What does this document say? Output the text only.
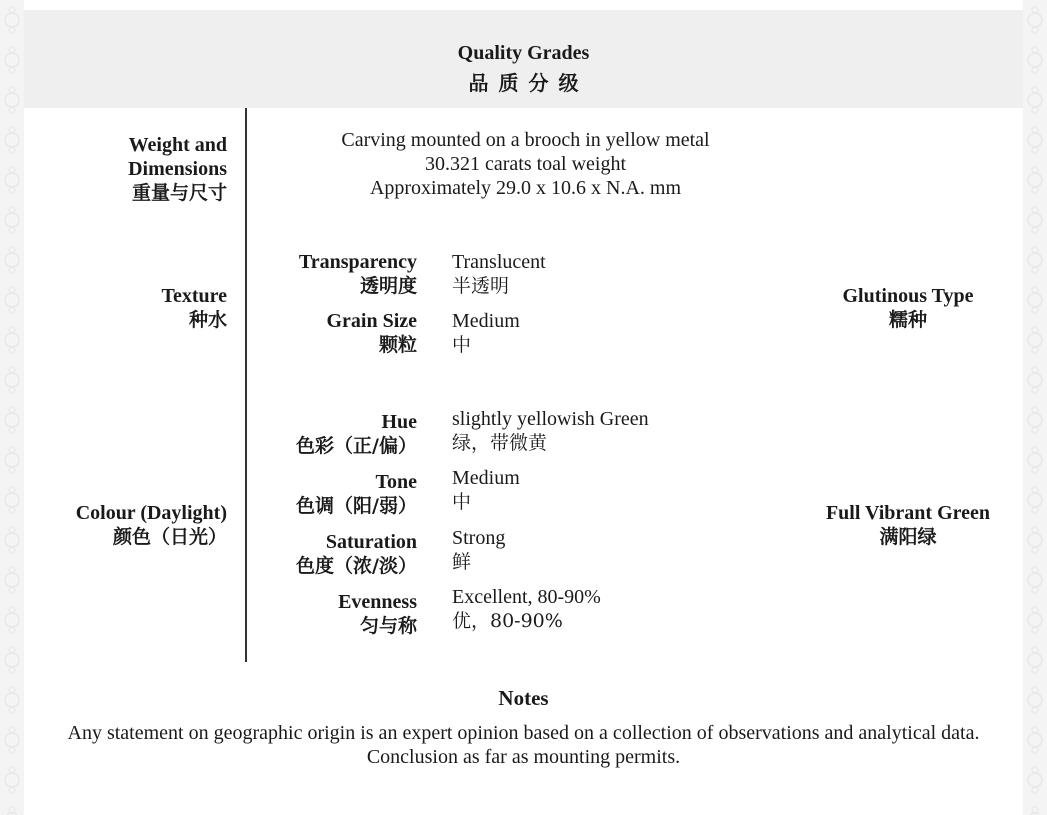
Quality Grades
品质分级
Weight and
Dimensions
重量与尺寸
Carving mounted on a brooch in yellow metal
30.321 carats toal weight
Approximately 29.0 x 10.6 x N.A. mm
Texture
种水
Transparency
透明度
Translucent
半透明
Grain Size
颗粒
Medium
中
Glutinous Type
糯种
Colour (Daylight)
颜色（日光）
Hue
色彩（正/偏）
slightly yellowish Green
绿，带微黄
Tone
色调（阳/弱）
Medium
中
Saturation
色度（浓/淡）
Strong
鲜
Evenness
匀与称
Excellent, 80-90%
优，80-90%
Full Vibrant Green
满阳绿
Notes
Any statement on geographic origin is an expert opinion based on a collection of observations and analytical data.
Conclusion as far as mounting permits.
